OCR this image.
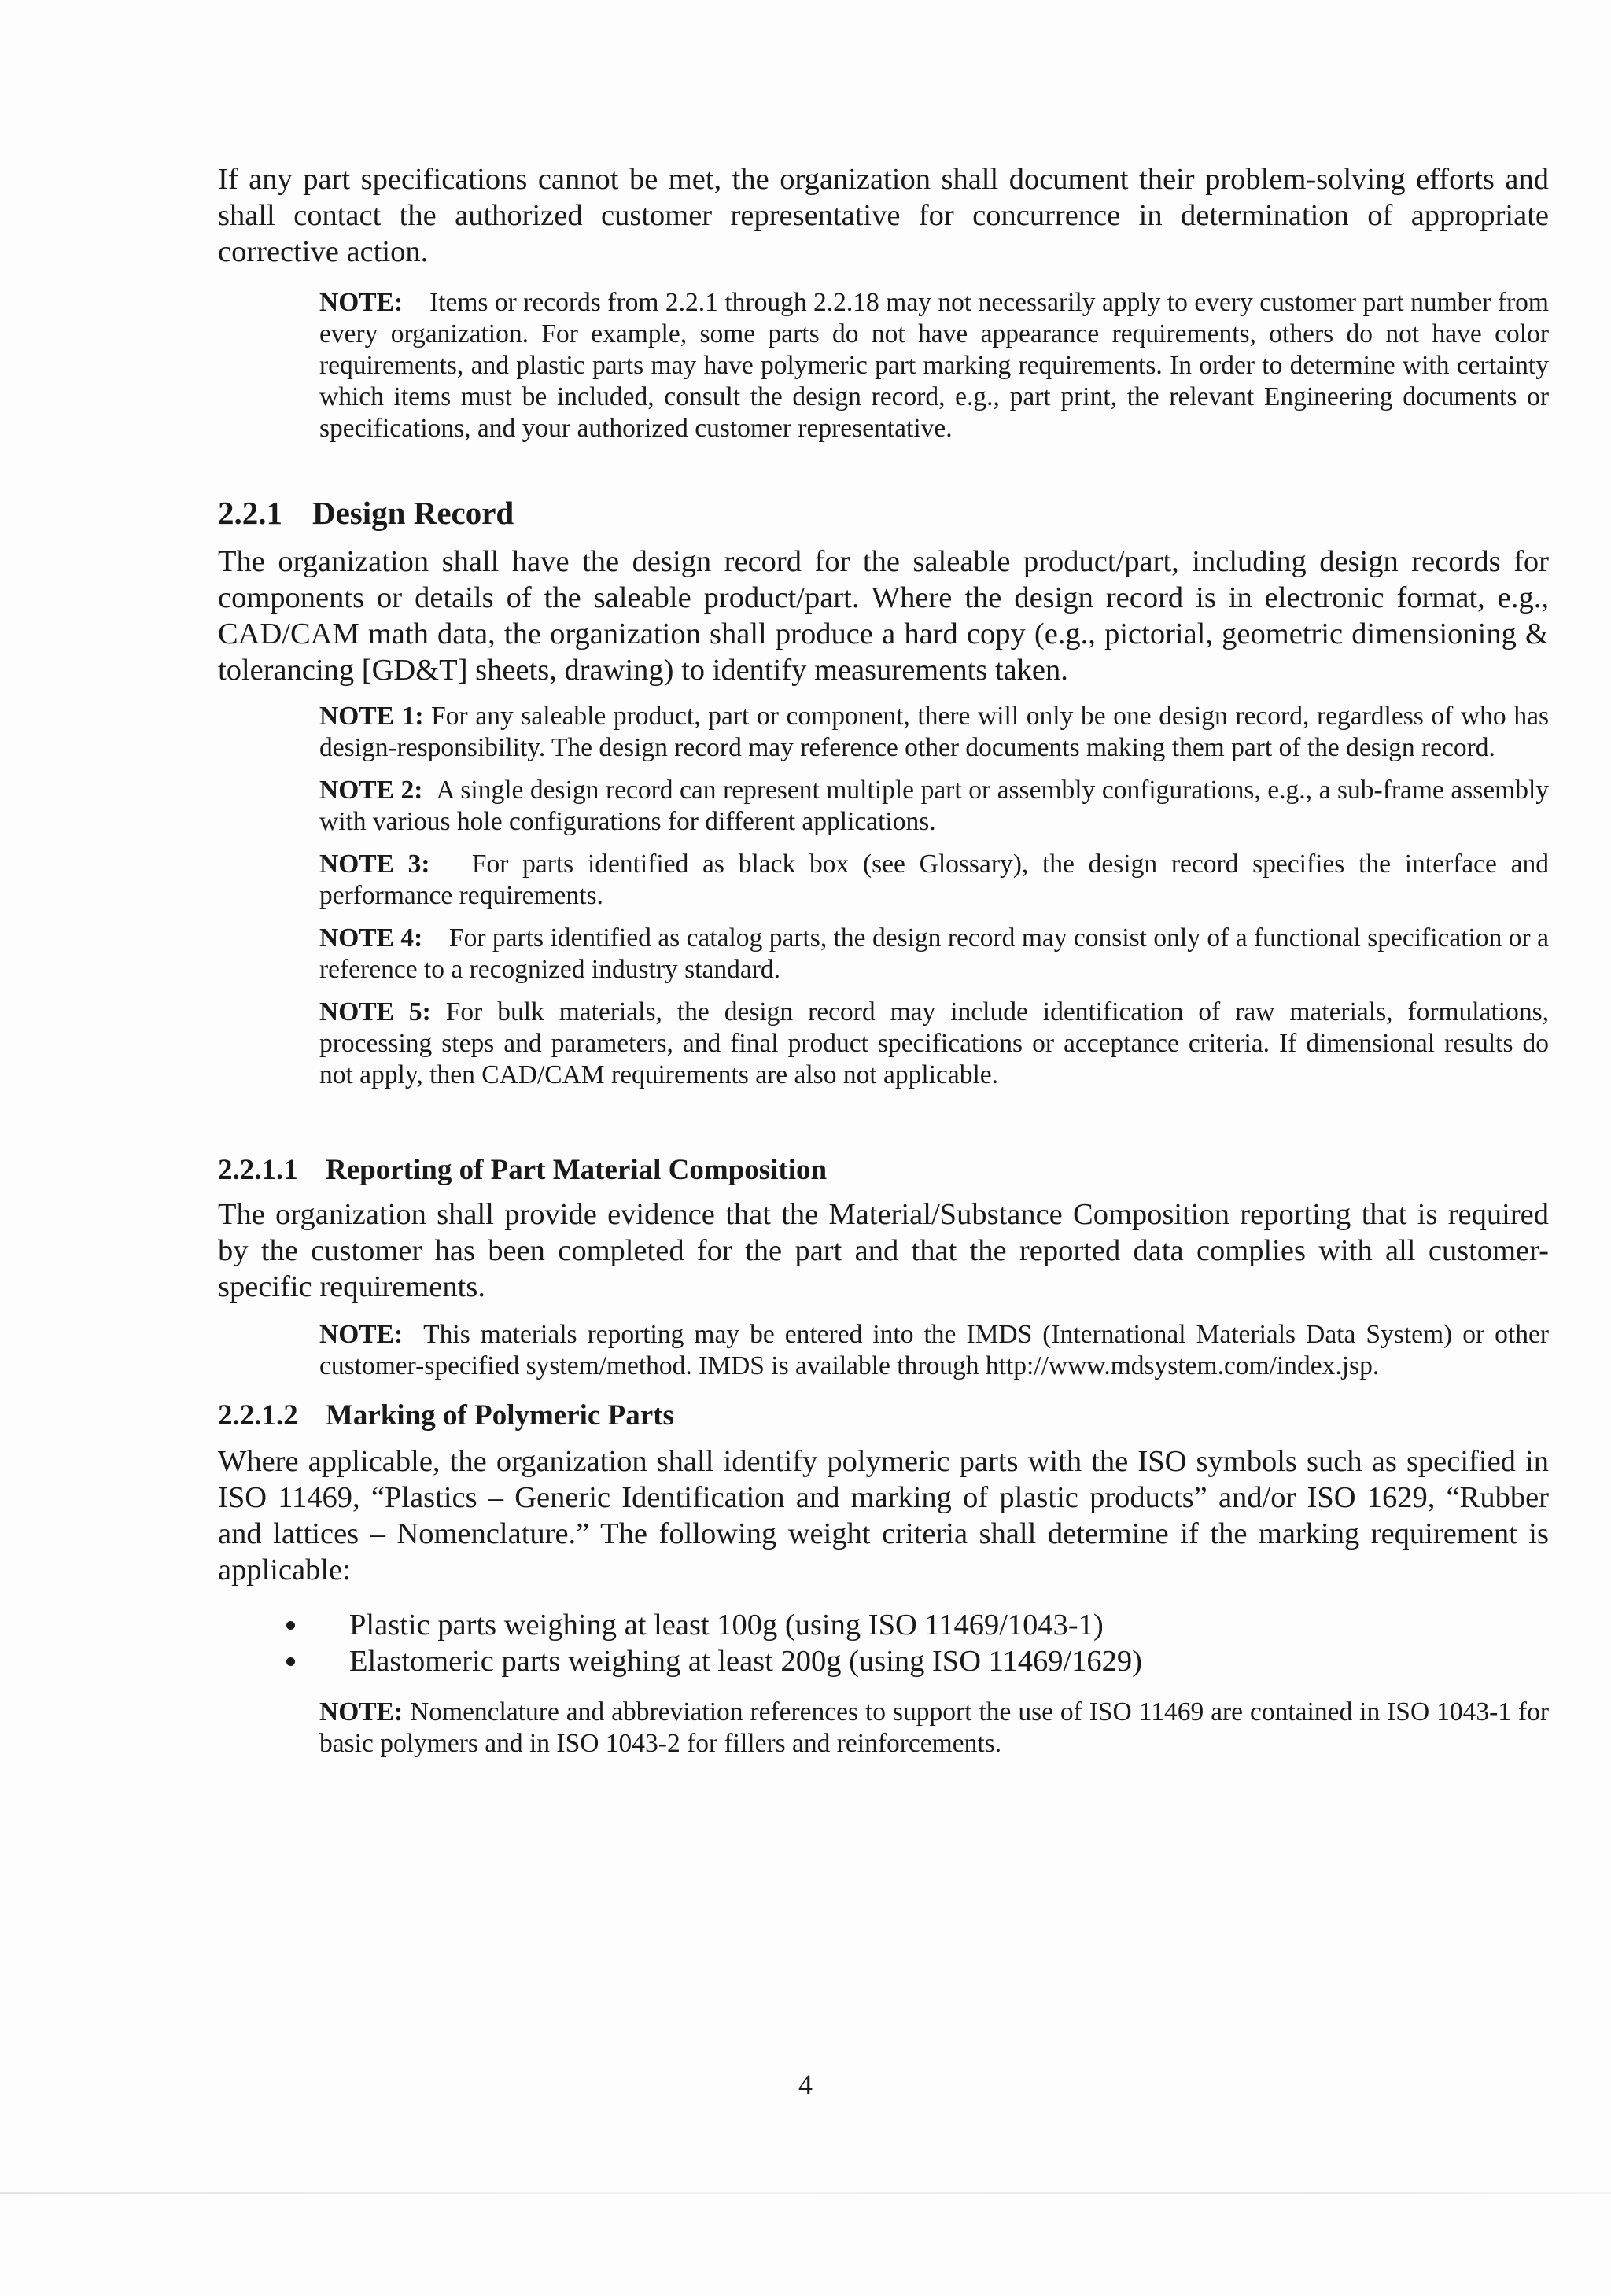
If any part specifications cannot be met, the organization shall document their problem-solving efforts and shall contact the authorized customer representative for concurrence in determination of appropriate corrective action.

NOTE: Items or records from 2.2.1 through 2.2.18 may not necessarily apply to every customer part number from every organization. For example, some parts do not have appearance requirements, others do not have color requirements, and plastic parts may have polymeric part marking requirements. In order to determine with certainty which items must be included, consult the design record, e.g., part print, the relevant Engineering documents or specifications, and your authorized customer representative.

2.2.1 Design Record

The organization shall have the design record for the saleable product/part, including design records for components or details of the saleable product/part. Where the design record is in electronic format, e.g., CAD/CAM math data, the organization shall produce a hard copy (e.g., pictorial, geometric dimensioning & tolerancing [GD&T] sheets, drawing) to identify measurements taken.

NOTE 1: For any saleable product, part or component, there will only be one design record, regardless of who has design-responsibility. The design record may reference other documents making them part of the design record.

NOTE 2: A single design record can represent multiple part or assembly configurations, e.g., a sub-frame assembly with various hole configurations for different applications.

NOTE 3: For parts identified as black box (see Glossary), the design record specifies the interface and performance requirements.

NOTE 4: For parts identified as catalog parts, the design record may consist only of a functional specification or a reference to a recognized industry standard.

NOTE 5: For bulk materials, the design record may include identification of raw materials, formulations, processing steps and parameters, and final product specifications or acceptance criteria. If dimensional results do not apply, then CAD/CAM requirements are also not applicable.

2.2.1.1 Reporting of Part Material Composition

The organization shall provide evidence that the Material/Substance Composition reporting that is required by the customer has been completed for the part and that the reported data complies with all customer-specific requirements.

NOTE: This materials reporting may be entered into the IMDS (International Materials Data System) or other customer-specified system/method. IMDS is available through http://www.mdsystem.com/index.jsp.

2.2.1.2 Marking of Polymeric Parts

Where applicable, the organization shall identify polymeric parts with the ISO symbols such as specified in ISO 11469, “Plastics – Generic Identification and marking of plastic products” and/or ISO 1629, “Rubber and lattices – Nomenclature.” The following weight criteria shall determine if the marking requirement is applicable:

Plastic parts weighing at least 100g (using ISO 11469/1043-1)
Elastomeric parts weighing at least 200g (using ISO 11469/1629)

NOTE: Nomenclature and abbreviation references to support the use of ISO 11469 are contained in ISO 1043-1 for basic polymers and in ISO 1043-2 for fillers and reinforcements.

4
